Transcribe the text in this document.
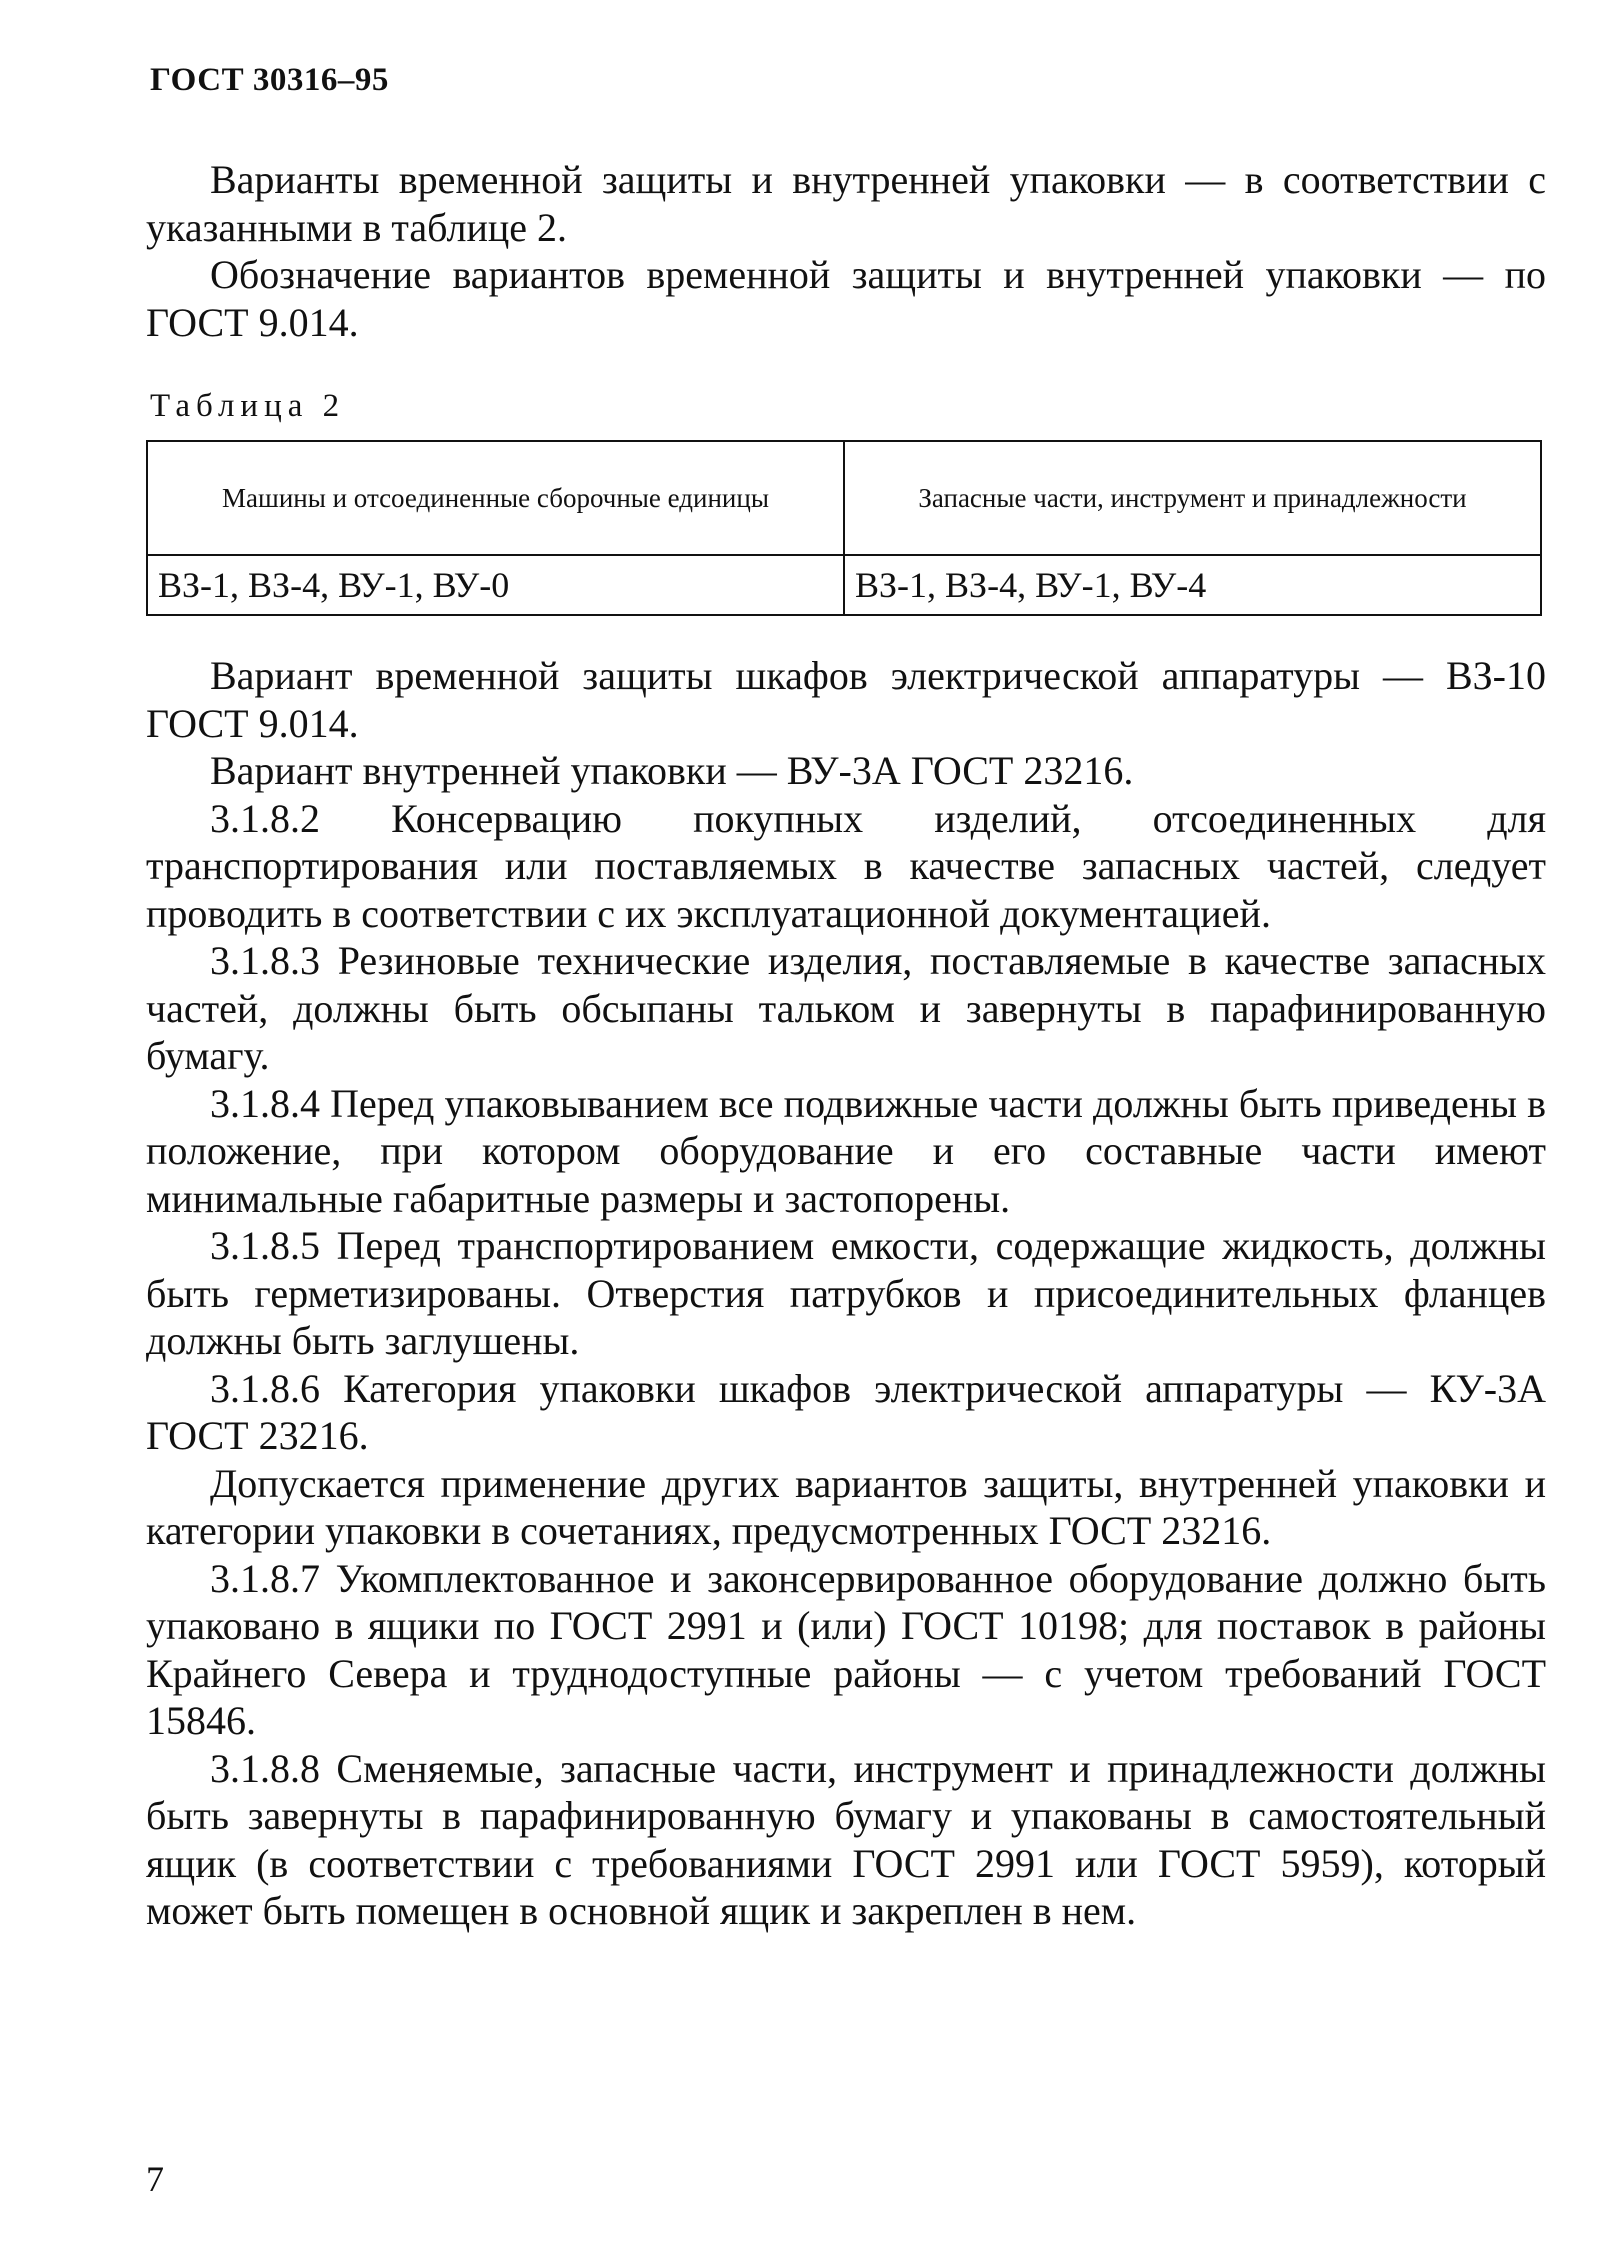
ГОСТ 30316–95

Варианты временной защиты и внутренней упаковки — в соответствии с указанными в таблице 2.

Обозначение вариантов временной защиты и внутренней упаковки — по ГОСТ 9.014.

Таблица 2
Машины и отсоединенные сборочные единицы	Запасные части, инструмент и принадлежности
ВЗ-1, ВЗ-4, ВУ-1, ВУ-0	ВЗ-1, ВЗ-4, ВУ-1, ВУ-4

Вариант временной защиты шкафов электрической аппаратуры — ВЗ-10 ГОСТ 9.014.

Вариант внутренней упаковки — ВУ-3А ГОСТ 23216.

3.1.8.2 Консервацию покупных изделий, отсоединенных для транспортирования или поставляемых в качестве запасных частей, следует проводить в соответствии с их эксплуатационной документацией.

3.1.8.3 Резиновые технические изделия, поставляемые в качестве запасных частей, должны быть обсыпаны тальком и завернуты в парафинированную бумагу.

3.1.8.4 Перед упаковыванием все подвижные части должны быть приведены в положение, при котором оборудование и его составные части имеют минимальные габаритные размеры и застопорены.

3.1.8.5 Перед транспортированием емкости, содержащие жидкость, должны быть герметизированы. Отверстия патрубков и присоединительных фланцев должны быть заглушены.

3.1.8.6 Категория упаковки шкафов электрической аппаратуры — КУ-3А ГОСТ 23216.

Допускается применение других вариантов защиты, внутренней упаковки и категории упаковки в сочетаниях, предусмотренных ГОСТ 23216.

3.1.8.7 Укомплектованное и законсервированное оборудование должно быть упаковано в ящики по ГОСТ 2991 и (или) ГОСТ 10198; для поставок в районы Крайнего Севера и труднодоступные районы — с учетом требований ГОСТ 15846.

3.1.8.8 Сменяемые, запасные части, инструмент и принадлежности должны быть завернуты в парафинированную бумагу и упакованы в самостоятельный ящик (в соответствии с требованиями ГОСТ 2991 или ГОСТ 5959), который может быть помещен в основной ящик и закреплен в нем.

7
